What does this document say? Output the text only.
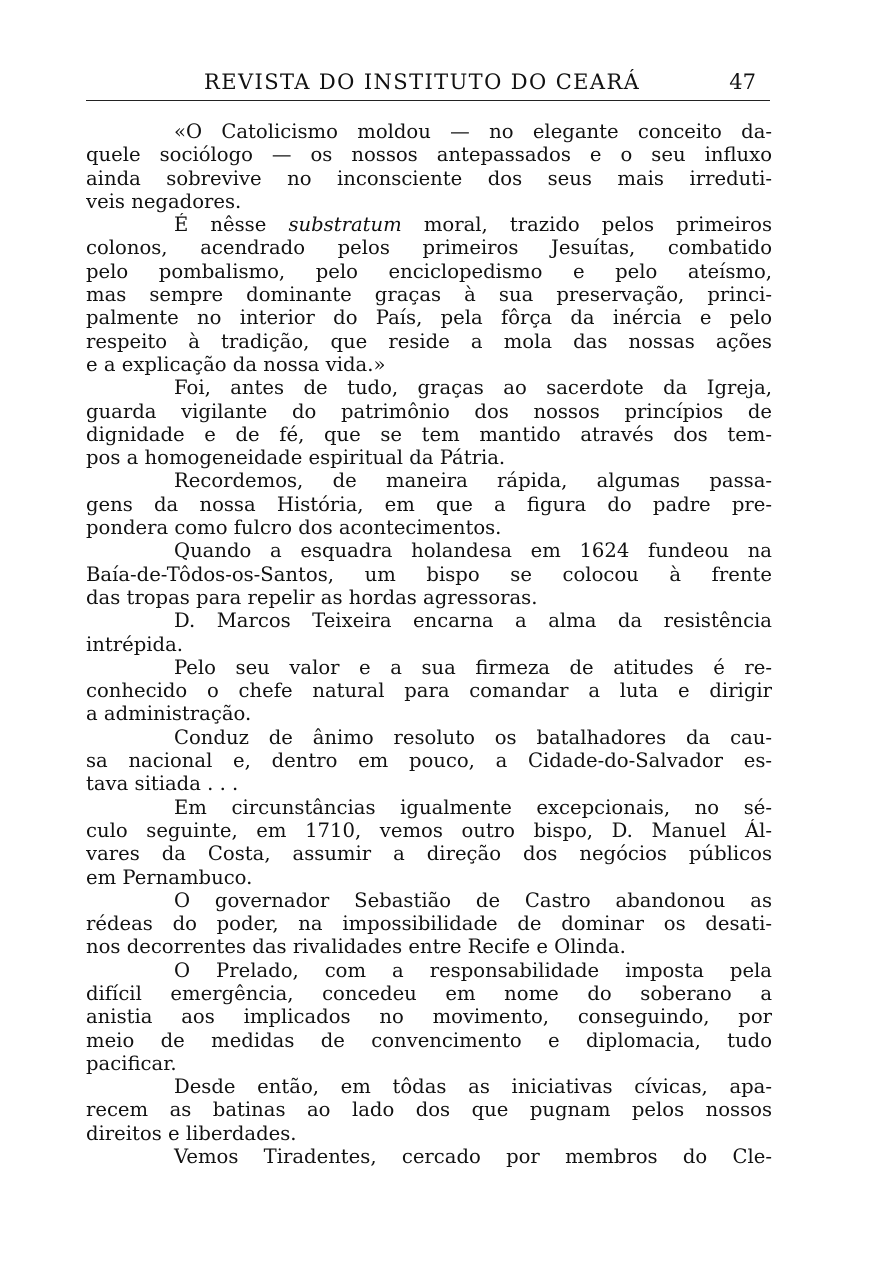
REVISTA DO INSTITUTO DO CEARÁ	47
«O Catolicismo moldou — no elegante conceito da-
quele sociólogo — os nossos antepassados e o seu influxo
ainda sobrevive no inconsciente dos seus mais irreduti-
veis negadores.
É nêsse substratum moral, trazido pelos primeiros
colonos, acendrado pelos primeiros Jesuítas, combatido
pelo pombalismo, pelo enciclopedismo e pelo ateísmo,
mas sempre dominante graças à sua preservação, princi-
palmente no interior do País, pela fôrça da inércia e pelo
respeito à tradição, que reside a mola das nossas ações
e a explicação da nossa vida.»
Foi, antes de tudo, graças ao sacerdote da Igreja,
guarda vigilante do patrimônio dos nossos princípios de
dignidade e de fé, que se tem mantido através dos tem-
pos a homogeneidade espiritual da Pátria.
Recordemos, de maneira rápida, algumas passa-
gens da nossa História, em que a figura do padre pre-
pondera como fulcro dos acontecimentos.
Quando a esquadra holandesa em 1624 fundeou na
Baía-de-Tôdos-os-Santos, um bispo se colocou à frente
das tropas para repelir as hordas agressoras.
D. Marcos Teixeira encarna a alma da resistência
intrépida.
Pelo seu valor e a sua firmeza de atitudes é re-
conhecido o chefe natural para comandar a luta e dirigir
a administração.
Conduz de ânimo resoluto os batalhadores da cau-
sa nacional e, dentro em pouco, a Cidade-do-Salvador es-
tava sitiada . . .
Em circunstâncias igualmente excepcionais, no sé-
culo seguinte, em 1710, vemos outro bispo, D. Manuel Ál-
vares da Costa, assumir a direção dos negócios públicos
em Pernambuco.
O governador Sebastião de Castro abandonou as
rédeas do poder, na impossibilidade de dominar os desati-
nos decorrentes das rivalidades entre Recife e Olinda.
O Prelado, com a responsabilidade imposta pela
difícil emergência, concedeu em nome do soberano a
anistia aos implicados no movimento, conseguindo, por
meio de medidas de convencimento e diplomacia, tudo
pacificar.
Desde então, em tôdas as iniciativas cívicas, apa-
recem as batinas ao lado dos que pugnam pelos nossos
direitos e liberdades.
Vemos Tiradentes, cercado por membros do Cle-
